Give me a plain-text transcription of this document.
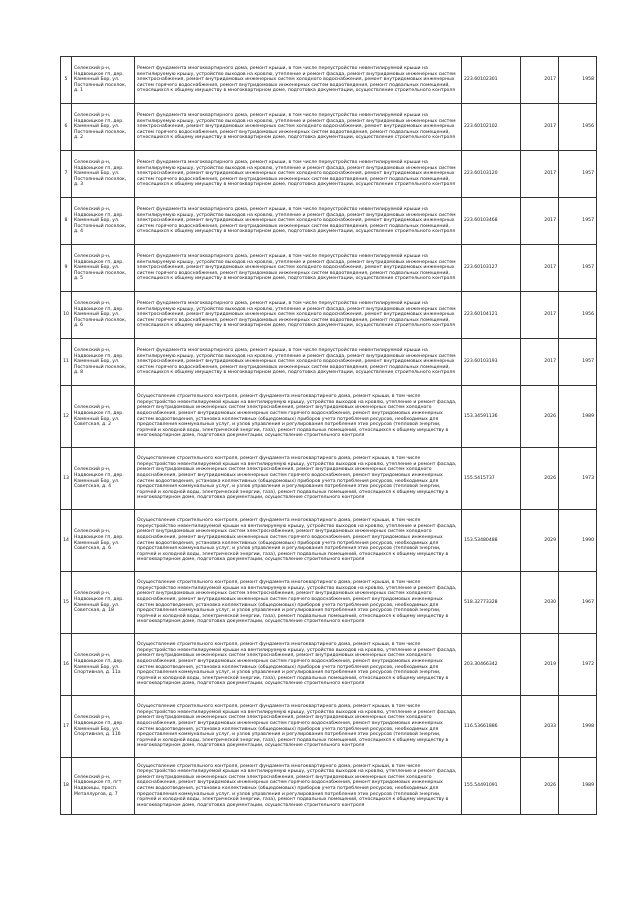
5	Селекский р-н, Надвоицкое гп, дер. Каменный Бор, ул. Постоянный поселок, д. 1	Ремонт фундамента многоквартирного дома, ремонт крыши, в том числе переустройство невентилируемой крыши на вентилируемую крышу, устройство выходов на кровлю, утепление и ремонт фасада, ремонт внутридомовых инженерных систем электроснабжения, ремонт внутридомовых инженерных систем холодного водоснабжения, ремонт внутридомовых инженерных систем горячего водоснабжения, ремонт внутридомовых инженерных систем водоотведения, ремонт подвальных помещений, относящихся к общему имуществу в многоквартирном доме, подготовка документации, осуществление строительного контроля	223.60102301	2017	1958
6	Селекский р-н, Надвоицкое гп, дер. Каменный Бор, ул. Постоянный поселок, д. 2	Ремонт фундамента многоквартирного дома, ремонт крыши, в том числе переустройство невентилируемой крыши на вентилируемую крышу, устройство выходов на кровлю, утепление и ремонт фасада, ремонт внутридомовых инженерных систем электроснабжения, ремонт внутридомовых инженерных систем холодного водоснабжения, ремонт внутридомовых инженерных систем горячего водоснабжения, ремонт внутридомовых инженерных систем водоотведения, ремонт подвальных помещений, относящихся к общему имуществу в многоквартирном доме, подготовка документации, осуществление строительного контроля	223.60102102	2017	1956
7	Селекский р-н, Надвоицкое гп, дер. Каменный Бор, ул. Постоянный поселок, д. 3	Ремонт фундамента многоквартирного дома, ремонт крыши, в том числе переустройство невентилируемой крыши на вентилируемую крышу, устройство выходов на кровлю, утепление и ремонт фасада, ремонт внутридомовых инженерных систем электроснабжения, ремонт внутридомовых инженерных систем холодного водоснабжения, ремонт внутридомовых инженерных систем горячего водоснабжения, ремонт внутридомовых инженерных систем водоотведения, ремонт подвальных помещений, относящихся к общему имуществу в многоквартирном доме, подготовка документации, осуществление строительного контроля	223.60103120	2017	1957
8	Селекский р-н, Надвоицкое гп, дер. Каменный Бор, ул. Постоянный поселок, д. 4	Ремонт фундамента многоквартирного дома, ремонт крыши, в том числе переустройство невентилируемой крыши на вентилируемую крышу, устройство выходов на кровлю, утепление и ремонт фасада, ремонт внутридомовых инженерных систем электроснабжения, ремонт внутридомовых инженерных систем холодного водоснабжения, ремонт внутридомовых инженерных систем горячего водоснабжения, ремонт внутридомовых инженерных систем водоотведения, ремонт подвальных помещений, относящихся к общему имуществу в многоквартирном доме, подготовка документации, осуществление строительного контроля	223.60103468	2017	1957
9	Селекский р-н, Надвоицкое гп, дер. Каменный Бор, ул. Постоянный поселок, д. 5	Ремонт фундамента многоквартирного дома, ремонт крыши, в том числе переустройство невентилируемой крыши на вентилируемую крышу, устройство выходов на кровлю, утепление и ремонт фасада, ремонт внутридомовых инженерных систем электроснабжения, ремонт внутридомовых инженерных систем холодного водоснабжения, ремонт внутридомовых инженерных систем горячего водоснабжения, ремонт внутридомовых инженерных систем водоотведения, ремонт подвальных помещений, относящихся к общему имуществу в многоквартирном доме, подготовка документации, осуществление строительного контроля	223.60103127	2017	1957
10	Селекский р-н, Надвоицкое гп, дер. Каменный Бор, ул. Постоянный поселок, д. 6	Ремонт фундамента многоквартирного дома, ремонт крыши, в том числе переустройство невентилируемой крыши на вентилируемую крышу, устройство выходов на кровлю, утепление и ремонт фасада, ремонт внутридомовых инженерных систем электроснабжения, ремонт внутридомовых инженерных систем холодного водоснабжения, ремонт внутридомовых инженерных систем горячего водоснабжения, ремонт внутридомовых инженерных систем водоотведения, ремонт подвальных помещений, относящихся к общему имуществу в многоквартирном доме, подготовка документации, осуществление строительного контроля	223.60104121	2017	1956
11	Селекский р-н, Надвоицкое гп, дер. Каменный Бор, ул. Постоянный поселок, д. 8	Ремонт фундамента многоквартирного дома, ремонт крыши, в том числе переустройство невентилируемой крыши на вентилируемую крышу, устройство выходов на кровлю, утепление и ремонт фасада, ремонт внутридомовых инженерных систем электроснабжения, ремонт внутридомовых инженерных систем холодного водоснабжения, ремонт внутридомовых инженерных систем горячего водоснабжения, ремонт внутридомовых инженерных систем водоотведения, ремонт подвальных помещений, относящихся к общему имуществу в многоквартирном доме, подготовка документации, осуществление строительного контроля	223.60103193	2017	1957
12	Селекский р-н, Надвоицкое гп, дер. Каменный Бор, ул. Советская, д. 2	Осуществление строительного контроля, ремонт фундамента многоквартирного дома, ремонт крыши, в том числе переустройство невентилируемой крыши на вентилируемую крышу, устройство выходов на кровлю, утепление и ремонт фасада, ремонт внутридомовых инженерных систем электроснабжения, ремонт внутридомовых инженерных систем холодного водоснабжения, ремонт внутридомовых инженерных систем горячего водоснабжения, ремонт внутридомовых инженерных систем водоотведения, установка коллективных (общедомовых) приборов учета потребления ресурсов, необходимых для предоставления коммунальных услуг, и узлов управления и регулирования потребления этих ресурсов (тепловой энергии, горячей и холодной воды, электрической энергии, газа), ремонт подвальных помещений, относящихся к общему имуществу в многоквартирном доме, подготовка документации, осуществление строительного контроля	153.34591136	2026	1989
13	Селекский р-н, Надвоицкое гп, дер. Каменный Бор, ул. Советская, д. 4	Осуществление строительного контроля, ремонт фундамента многоквартирного дома, ремонт крыши, в том числе переустройство невентилируемой крыши на вентилируемую крышу, устройство выходов на кровлю, утепление и ремонт фасада, ремонт внутридомовых инженерных систем электроснабжения, ремонт внутридомовых инженерных систем холодного водоснабжения, ремонт внутридомовых инженерных систем горячего водоснабжения, ремонт внутридомовых инженерных систем водоотведения, установка коллективных (общедомовых) приборов учета потребления ресурсов, необходимых для предоставления коммунальных услуг, и узлов управления и регулирования потребления этих ресурсов (тепловой энергии, горячей и холодной воды, электрической энергии, газа), ремонт подвальных помещений, относящихся к общему имуществу в многоквартирном доме, подготовка документации, осуществление строительного контроля	155.5415737	2026	1973
14	Селекский р-н, Надвоицкое гп, дер. Каменный Бор, ул. Советская, д. 6	Осуществление строительного контроля, ремонт фундамента многоквартирного дома, ремонт крыши, в том числе переустройство невентилируемой крыши на вентилируемую крышу, устройство выходов на кровлю, утепление и ремонт фасада, ремонт внутридомовых инженерных систем электроснабжения, ремонт внутридомовых инженерных систем холодного водоснабжения, ремонт внутридомовых инженерных систем горячего водоснабжения, ремонт внутридомовых инженерных систем водоотведения, установка коллективных (общедомовых) приборов учета потребления ресурсов, необходимых для предоставления коммунальных услуг, и узлов управления и регулирования потребления этих ресурсов (тепловой энергии, горячей и холодной воды, электрической энергии, газа), ремонт подвальных помещений, относящихся к общему имуществу в многоквартирном доме, подготовка документации, осуществление строительного контроля	153.53480488	2029	1990
15	Селекский р-н, Надвоицкое гп, дер. Каменный Бор, ул. Советская, д. 18	Осуществление строительного контроля, ремонт фундамента многоквартирного дома, ремонт крыши, в том числе переустройство невентилируемой крыши на вентилируемую крышу, устройство выходов на кровлю, утепление и ремонт фасада, ремонт внутридомовых инженерных систем электроснабжения, ремонт внутридомовых инженерных систем холодного водоснабжения, ремонт внутридомовых инженерных систем горячего водоснабжения, ремонт внутридомовых инженерных систем водоотведения, установка коллективных (общедомовых) приборов учета потребления ресурсов, необходимых для предоставления коммунальных услуг, и узлов управления и регулирования потребления этих ресурсов (тепловой энергии, горячей и холодной воды, электрической энергии, газа), ремонт подвальных помещений, относящихся к общему имуществу в многоквартирном доме, подготовка документации, осуществление строительного контроля	518.32773328	2030	1967
16	Селекский р-н, Надвоицкое гп, дер. Каменный Бор, ул. Спортивная, д. 11а	Осуществление строительного контроля, ремонт фундамента многоквартирного дома, ремонт крыши, в том числе переустройство невентилируемой крыши на вентилируемую крышу, устройство выходов на кровлю, утепление и ремонт фасада, ремонт внутридомовых инженерных систем электроснабжения, ремонт внутридомовых инженерных систем холодного водоснабжения, ремонт внутридомовых инженерных систем горячего водоснабжения, ремонт внутридомовых инженерных систем водоотведения, установка коллективных (общедомовых) приборов учета потребления ресурсов, необходимых для предоставления коммунальных услуг, и узлов управления и регулирования потребления этих ресурсов (тепловой энергии, горячей и холодной воды, электрической энергии, газа), ремонт подвальных помещений, относящихся к общему имуществу в многоквартирном доме, подготовка документации, осуществление строительного контроля	203.30466342	2019	1972
17	Селекский р-н, Надвоицкое гп, дер. Каменный Бор, ул. Спортивная, д. 11б	Осуществление строительного контроля, ремонт фундамента многоквартирного дома, ремонт крыши, в том числе переустройство невентилируемой крыши на вентилируемую крышу, устройство выходов на кровлю, утепление и ремонт фасада, ремонт внутридомовых инженерных систем электроснабжения, ремонт внутридомовых инженерных систем холодного водоснабжения, ремонт внутридомовых инженерных систем горячего водоснабжения, ремонт внутридомовых инженерных систем водоотведения, установка коллективных (общедомовых) приборов учета потребления ресурсов, необходимых для предоставления коммунальных услуг, и узлов управления и регулирования потребления этих ресурсов (тепловой энергии, горячей и холодной воды, электрической энергии, газа), ремонт подвальных помещений, относящихся к общему имуществу в многоквартирном доме, подготовка документации, осуществление строительного контроля	116.53661886	2033	1998
18	Селекский р-н, Надвоицкое гп, пгт Надвоицы, просп. Металлургов, д. 7	Осуществление строительного контроля, ремонт фундамента многоквартирного дома, ремонт крыши, в том числе переустройство невентилируемой крыши на вентилируемую крышу, устройство выходов на кровлю, утепление и ремонт фасада, ремонт внутридомовых инженерных систем электроснабжения, ремонт внутридомовых инженерных систем холодного водоснабжения, ремонт внутридомовых инженерных систем горячего водоснабжения, ремонт внутридомовых инженерных систем водоотведения, установка коллективных (общедомовых) приборов учета потребления ресурсов, необходимых для предоставления коммунальных услуг, и узлов управления и регулирования потребления этих ресурсов (тепловой энергии, горячей и холодной воды, электрической энергии, газа), ремонт подвальных помещений, относящихся к общему имуществу в многоквартирном доме, подготовка документации, осуществление строительного контроля	155.54491091	2026	1989
